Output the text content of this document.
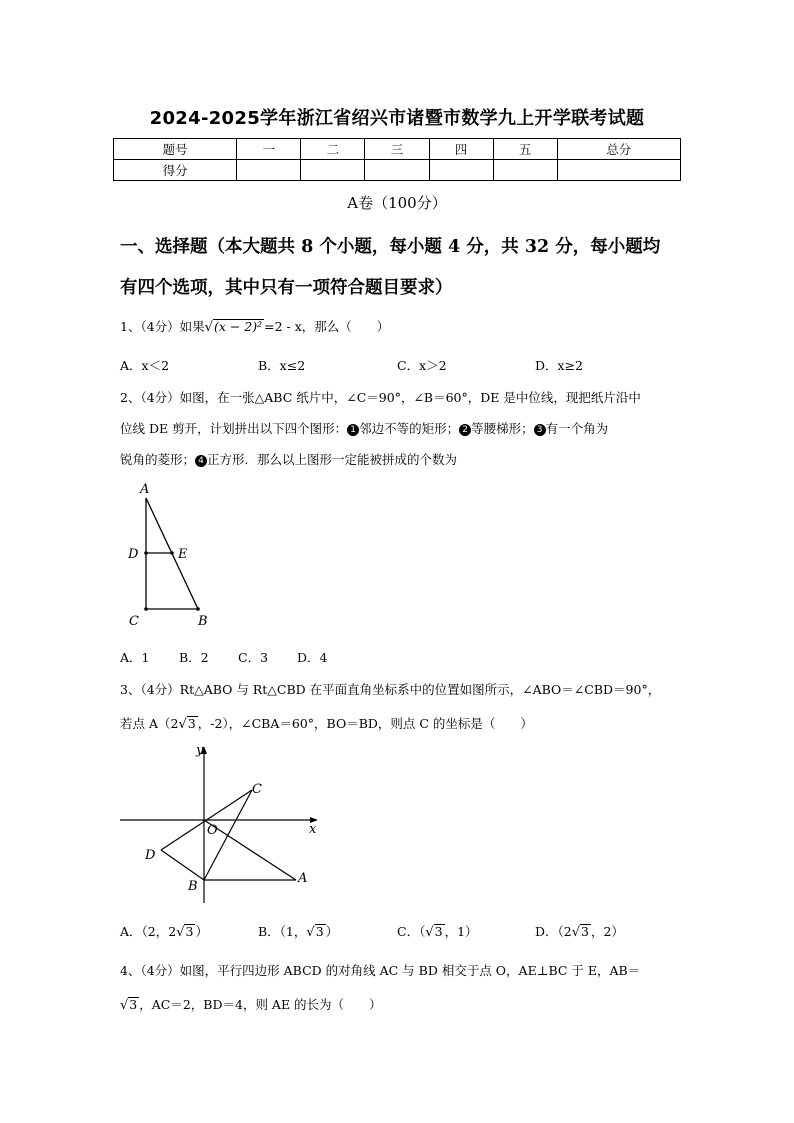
2024-2025学年浙江省绍兴市诸暨市数学九上开学联考试题
题号	一	二	三	四	五	总分
得分						
A卷（100分）
一、选择题（本大题共 8 个小题，每小题 4 分，共 32 分，每小题均
有四个选项，其中只有一项符合题目要求）
1、（4分）如果√(x − 2)² =2 - x，那么（　　）
A．x＜2	B．x≤2	C．x＞2	D．x≥2
2、（4分）如图，在一张△ABC 纸片中，∠C＝90°，∠B＝60°，DE 是中位线，现把纸片沿中
位线 DE 剪开，计划拼出以下四个图形： 1 邻边不等的矩形； 2 等腰梯形； 3 有一个角为
锐角的菱形； 4 正方形．那么以上图形一定能被拼成的个数为
A
D	E
C	B
A．1 B．2 C．3 D．4
3、（4分）Rt△ABO 与 Rt△CBD 在平面直角坐标系中的位置如图所示，∠ABO＝∠CBD＝90°，
若点 A（2√3 ，-2），∠CBA＝60°，BO＝BD，则点 C 的坐标是（　　）
y
x
C
O
D
B
A
A．（2，2√3 ）	B．（1，√3 ）	C．（√3 ，1）	D．（2√3 ，2）
4、（4分）如图，平行四边形 ABCD 的对角线 AC 与 BD 相交于点 O，AE⊥BC 于 E，AB＝
√3 ，AC＝2，BD＝4，则 AE 的长为（　　）
